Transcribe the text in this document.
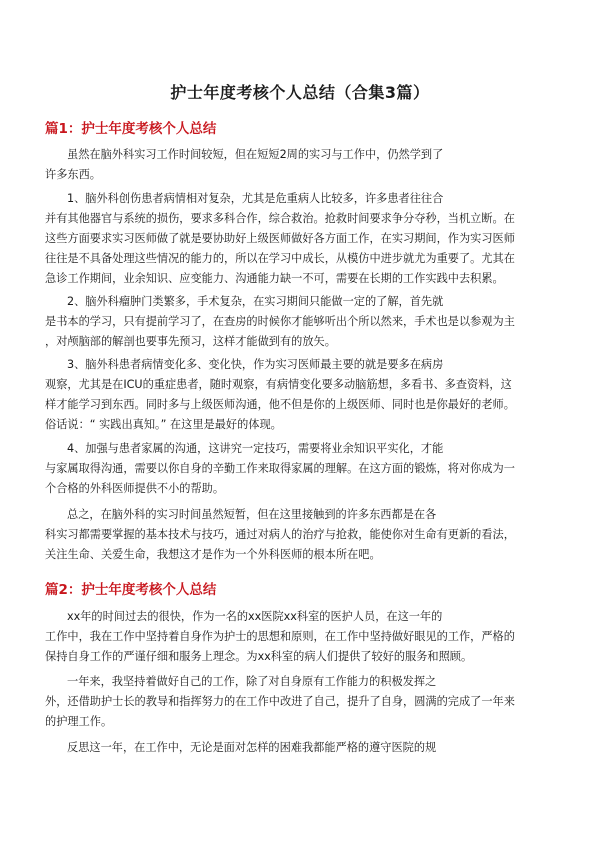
护士年度考核个人总结（合集3篇）
篇1：护士年度考核个人总结

虽然在脑外科实习工作时间较短，但在短短2周的实习与工作中，仍然学到了
许多东西。

1、脑外科创伤患者病情相对复杂，尤其是危重病人比较多，许多患者往往合
并有其他器官与系统的损伤，要求多科合作，综合救治。抢救时间要求争分夺秒，当机立断。在
这些方面要求实习医师做了就是要协助好上级医师做好各方面工作，在实习期间，作为实习医师
往往是不具备处理这些情况的能力的，所以在学习中成长，从模仿中进步就尤为重要了。尤其在
急诊工作期间，业余知识、应变能力、沟通能力缺一不可，需要在长期的工作实践中去积累。

2、脑外科瘤肿门类繁多，手术复杂，在实习期间只能做一定的了解，首先就
是书本的学习，只有提前学习了，在查房的时候你才能够听出个所以然来，手术也是以参观为主
，对颅脑部的解剖也要事先预习，这样才能做到有的放矢。

3、脑外科患者病情变化多、变化快，作为实习医师最主要的就是要多在病房
观察，尤其是在ICU的重症患者，随时观察，有病情变化要多动脑筋想，多看书、多查资料，这
样才能学习到东西。同时多与上级医师沟通，他不但是你的上级医师、同时也是你最好的老师。
俗话说：“ 实践出真知。” 在这里是最好的体现。

4、加强与患者家属的沟通，这讲究一定技巧，需要将业余知识平实化，才能
与家属取得沟通，需要以你自身的辛勤工作来取得家属的理解。在这方面的锻炼，将对你成为一
个合格的外科医师提供不小的帮助。

总之，在脑外科的实习时间虽然短暂，但在这里接触到的许多东西都是在各
科实习都需要掌握的基本技术与技巧，通过对病人的治疗与抢救，能使你对生命有更新的看法，
关注生命、关爱生命，我想这才是作为一个外科医师的根本所在吧。

篇2：护士年度考核个人总结

xx年的时间过去的很快，作为一名的xx医院xx科室的医护人员，在这一年的
工作中，我在工作中坚持着自身作为护士的思想和原则，在工作中坚持做好眼见的工作，严格的
保持自身工作的严谨仔细和服务上理念。为xx科室的病人们提供了较好的服务和照顾。

一年来，我坚持着做好自己的工作，除了对自身原有工作能力的积极发挥之
外，还借助护士长的教导和指挥努力的在工作中改进了自己，提升了自身，圆满的完成了一年来
的护理工作。

反思这一年，在工作中，无论是面对怎样的困难我都能严格的遵守医院的规
